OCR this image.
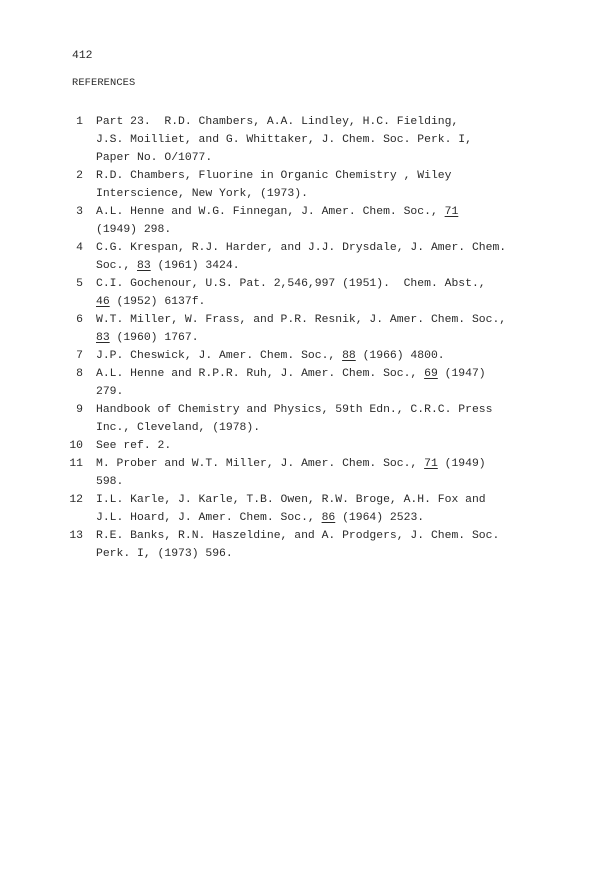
412
REFERENCES
1 Part 23.  R.D. Chambers, A.A. Lindley, H.C. Fielding,
J.S. Moilliet, and G. Whittaker, J. Chem. Soc. Perk. I,
Paper No. O/1077.
2 R.D. Chambers, Fluorine in Organic Chemistry , Wiley
Interscience, New York, (1973).
3 A.L. Henne and W.G. Finnegan, J. Amer. Chem. Soc., 71
(1949) 298.
4 C.G. Krespan, R.J. Harder, and J.J. Drysdale, J. Amer. Chem.
Soc., 83 (1961) 3424.
5 C.I. Gochenour, U.S. Pat. 2,546,997 (1951).  Chem. Abst.,
46 (1952) 6137f.
6 W.T. Miller, W. Frass, and P.R. Resnik, J. Amer. Chem. Soc.,
83 (1960) 1767.
7 J.P. Cheswick, J. Amer. Chem. Soc., 88 (1966) 4800.
8 A.L. Henne and R.P.R. Ruh, J. Amer. Chem. Soc., 69 (1947)
279.
9 Handbook of Chemistry and Physics, 59th Edn., C.R.C. Press
Inc., Cleveland, (1978).
10 See ref. 2.
11 M. Prober and W.T. Miller, J. Amer. Chem. Soc., 71 (1949)
598.
12 I.L. Karle, J. Karle, T.B. Owen, R.W. Broge, A.H. Fox and
J.L. Hoard, J. Amer. Chem. Soc., 86 (1964) 2523.
13 R.E. Banks, R.N. Haszeldine, and A. Prodgers, J. Chem. Soc.
Perk. I, (1973) 596.
